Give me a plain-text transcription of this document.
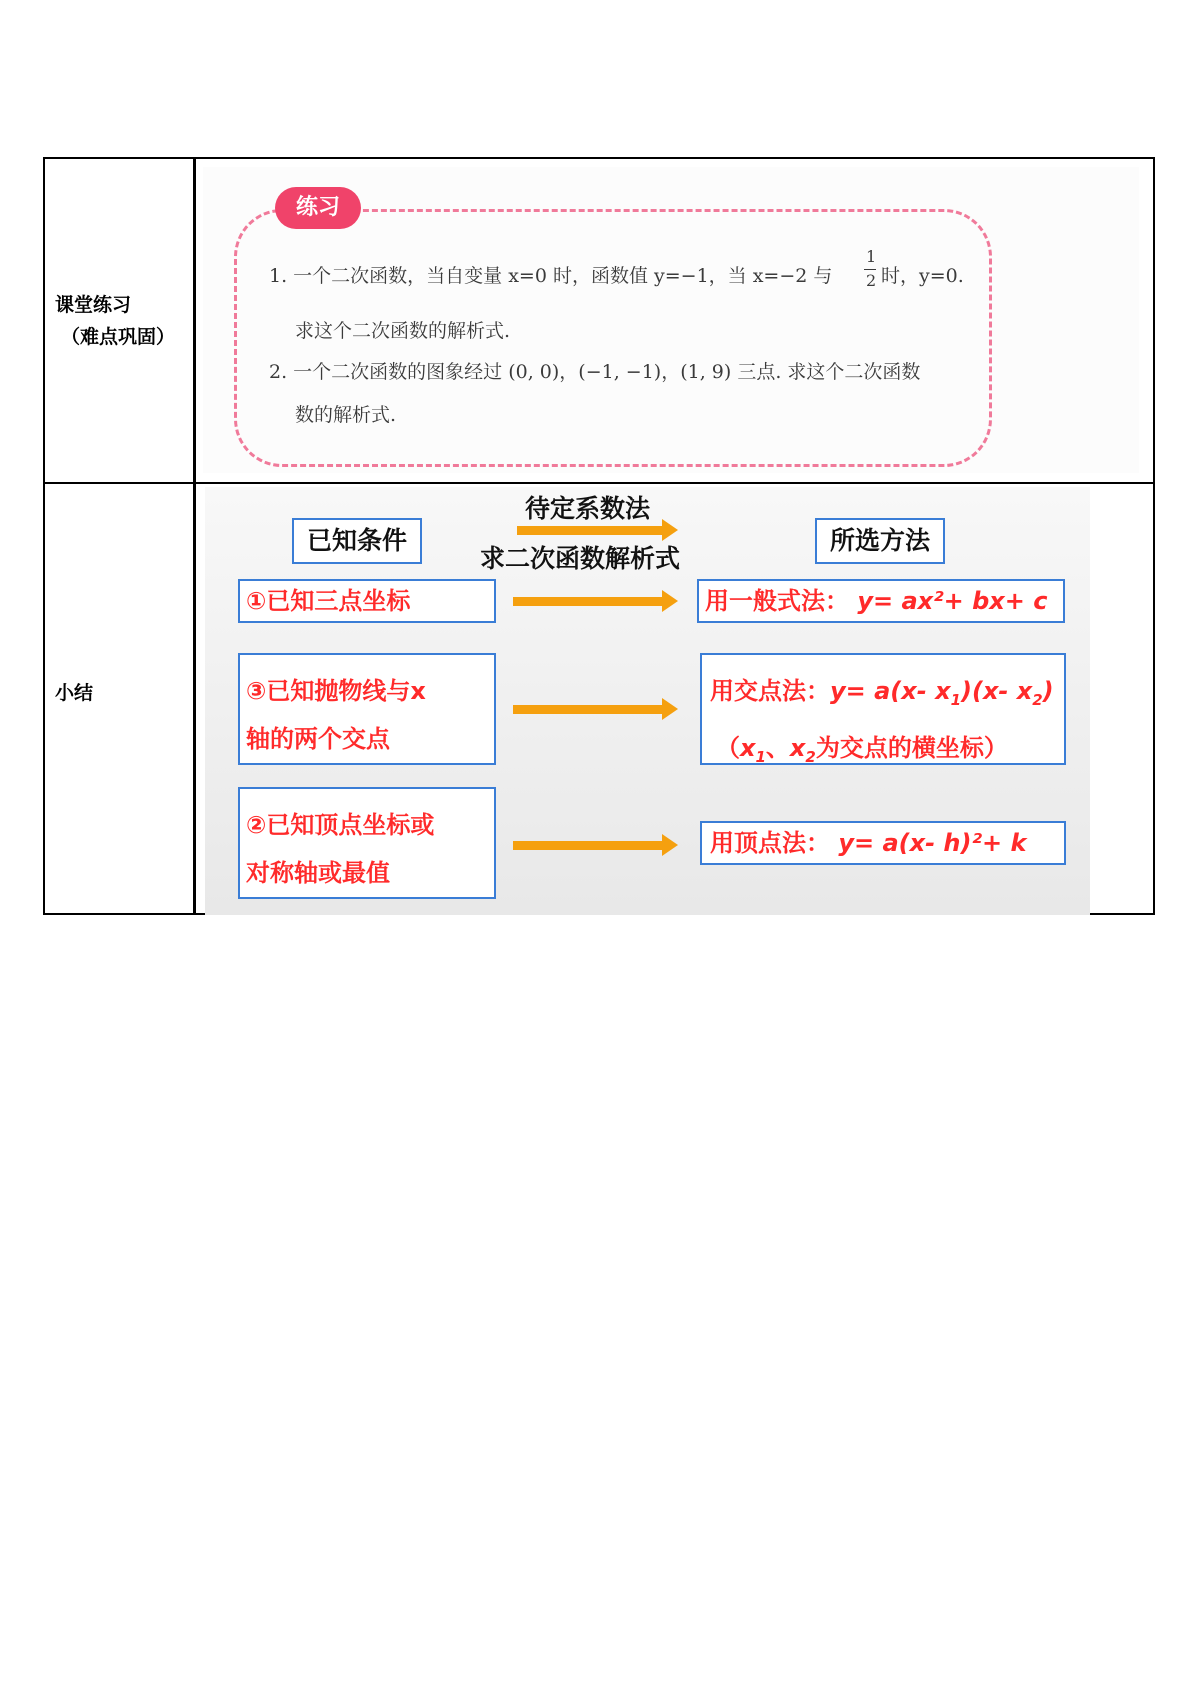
课堂练习
（难点巩固）
练习
1. 一个二次函数，当自变量 x=0 时，函数值 y=−1，当 x=−2 与
1
2 时，y=0.
求这个二次函数的解析式.
2. 一个二次函数的图象经过 (0, 0)，(−1, −1)，(1, 9) 三点. 求这个二次函数
数的解析式.
小结
已知条件	所选方法
待定系数法
求二次函数解析式
①已知三点坐标	用一般式法： y= ax²+ bx+ c
③已知抛物线与x
轴的两个交点
用交点法：y= a(x- $x_1)(x-$ $x_2$)
（$x_1$、$x_2$为交点的横坐标）
②已知顶点坐标或
对称轴或最值
用顶点法： y= a(x- h)²+ k
